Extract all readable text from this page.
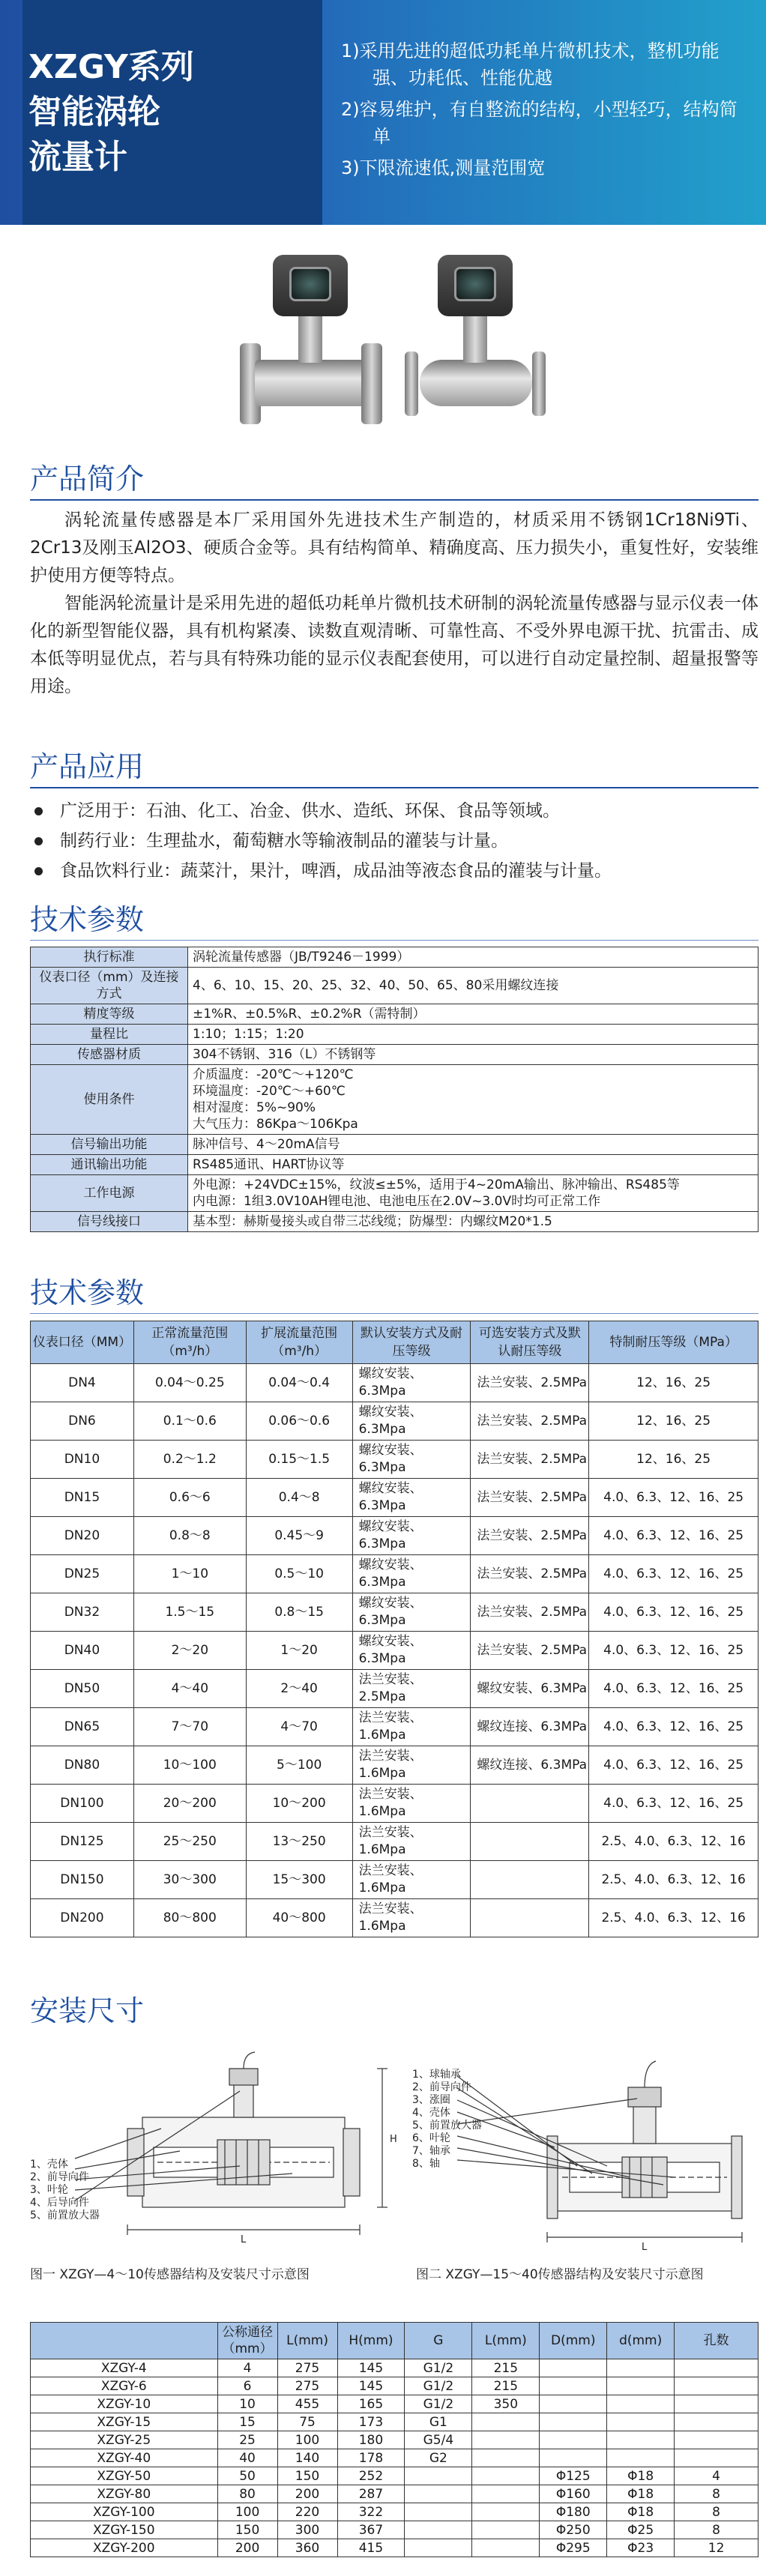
XZGY系列
智能涡轮
流量计
1)采用先进的超低功耗单片微机技术，整机功能强、功耗低、性能优越
2)容易维护，有自整流的结构，小型轻巧，结构简单
3)下限流速低,测量范围宽
产品简介

涡轮流量传感器是本厂采用国外先进技术生产制造的，材质采用不锈钢1Cr18Ni9Ti、2Cr13及刚玉Al2O3、硬质合金等。具有结构简单、精确度高、压力损失小，重复性好，安装维护使用方便等特点。

智能涡轮流量计是采用先进的超低功耗单片微机技术研制的涡轮流量传感器与显示仪表一体化的新型智能仪器，具有机构紧凑、读数直观清晰、可靠性高、不受外界电源干扰、抗雷击、成本低等明显优点，若与具有特殊功能的显示仪表配套使用，可以进行自动定量控制、超量报警等用途。

产品应用
广泛用于：石油、化工、冶金、供水、造纸、环保、食品等领域。
制药行业：生理盐水，葡萄糖水等输液制品的灌装与计量。
食品饮料行业：蔬菜汁，果汁，啤酒，成品油等液态食品的灌装与计量。
技术参数
执行标准	涡轮流量传感器（JB/T9246－1999）

仪表口径（mm）及连接方式	4、6、10、15、20、25、32、40、50、65、80采用螺纹连接

精度等级	±1%R、±0.5%R、±0.2%R（需特制）

量程比	1:10；1:15；1:20

传感器材质	304不锈钢、316（L）不锈钢等

使用条件	介质温度：-20℃～+120℃
环境温度：-20℃～+60℃
相对湿度：5%~90%
大气压力：86Kpa～106Kpa

信号输出功能	脉冲信号、4～20mA信号

通讯输出功能	RS485通讯、HART协议等

工作电源	外电源：+24VDC±15%，纹波≤±5%，适用于4~20mA输出、脉冲输出、RS485等
内电源：1组3.0V10AH锂电池、电池电压在2.0V~3.0V时均可正常工作

信号线接口	基本型：赫斯曼接头或自带三芯线缆；防爆型：内螺纹M20*1.5
技术参数
仪表口径（MM）	正常流量范围（m³/h）	扩展流量范围（m³/h）	默认安装方式及耐压等级	可选安装方式及默认耐压等级	特制耐压等级（MPa）
DN4	0.04～0.25	0.04～0.4	螺纹安装、6.3Mpa	法兰安装、2.5MPa	12、16、25
DN6	0.1～0.6	0.06～0.6	螺纹安装、6.3Mpa	法兰安装、2.5MPa	12、16、25
DN10	0.2～1.2	0.15～1.5	螺纹安装、6.3Mpa	法兰安装、2.5MPa	12、16、25
DN15	0.6～6	0.4～8	螺纹安装、6.3Mpa	法兰安装、2.5MPa	4.0、6.3、12、16、25
DN20	0.8～8	0.45～9	螺纹安装、6.3Mpa	法兰安装、2.5MPa	4.0、6.3、12、16、25
DN25	1～10	0.5～10	螺纹安装、6.3Mpa	法兰安装、2.5MPa	4.0、6.3、12、16、25
DN32	1.5～15	0.8～15	螺纹安装、6.3Mpa	法兰安装、2.5MPa	4.0、6.3、12、16、25
DN40	2～20	1～20	螺纹安装、6.3Mpa	法兰安装、2.5MPa	4.0、6.3、12、16、25
DN50	4～40	2～40	法兰安装、2.5Mpa	螺纹安装、6.3MPa	4.0、6.3、12、16、25
DN65	7～70	4～70	法兰安装、1.6Mpa	螺纹连接、6.3MPa	4.0、6.3、12、16、25
DN80	10～100	5～100	法兰安装、1.6Mpa	螺纹连接、6.3MPa	4.0、6.3、12、16、25
DN100	20～200	10～200	法兰安装、1.6Mpa		4.0、6.3、12、16、25
DN125	25～250	13～250	法兰安装、1.6Mpa		2.5、4.0、6.3、12、16
DN150	30～300	15～300	法兰安装、1.6Mpa		2.5、4.0、6.3、12、16
DN200	80～800	40～800	法兰安装、1.6Mpa		2.5、4.0、6.3、12、16
安装尺寸
L
H
1、壳体
2、前导向件
3、叶轮
4、后导向件
5、前置放大器
图一 XZGY—4～10传感器结构及安装尺寸示意图
L
1、球轴承
2、前导向件
3、涨圈
4、壳体
5、前置放大器
6、叶轮
7、轴承
8、轴
图二 XZGY—15～40传感器结构及安装尺寸示意图
	公称通径（mm）	L(mm)	H(mm)	G	L(mm)	D(mm)	d(mm)	孔数
XZGY-4	4	275	145	G1/2	215			
XZGY-6	6	275	145	G1/2	215			
XZGY-10	10	455	165	G1/2	350			
XZGY-15	15	75	173	G1				
XZGY-25	25	100	180	G5/4				
XZGY-40	40	140	178	G2				
XZGY-50	50	150	252			Φ125	Φ18	4
XZGY-80	80	200	287			Φ160	Φ18	8
XZGY-100	100	220	322			Φ180	Φ18	8
XZGY-150	150	300	367			Φ250	Φ25	8
XZGY-200	200	360	415			Φ295	Φ23	12
